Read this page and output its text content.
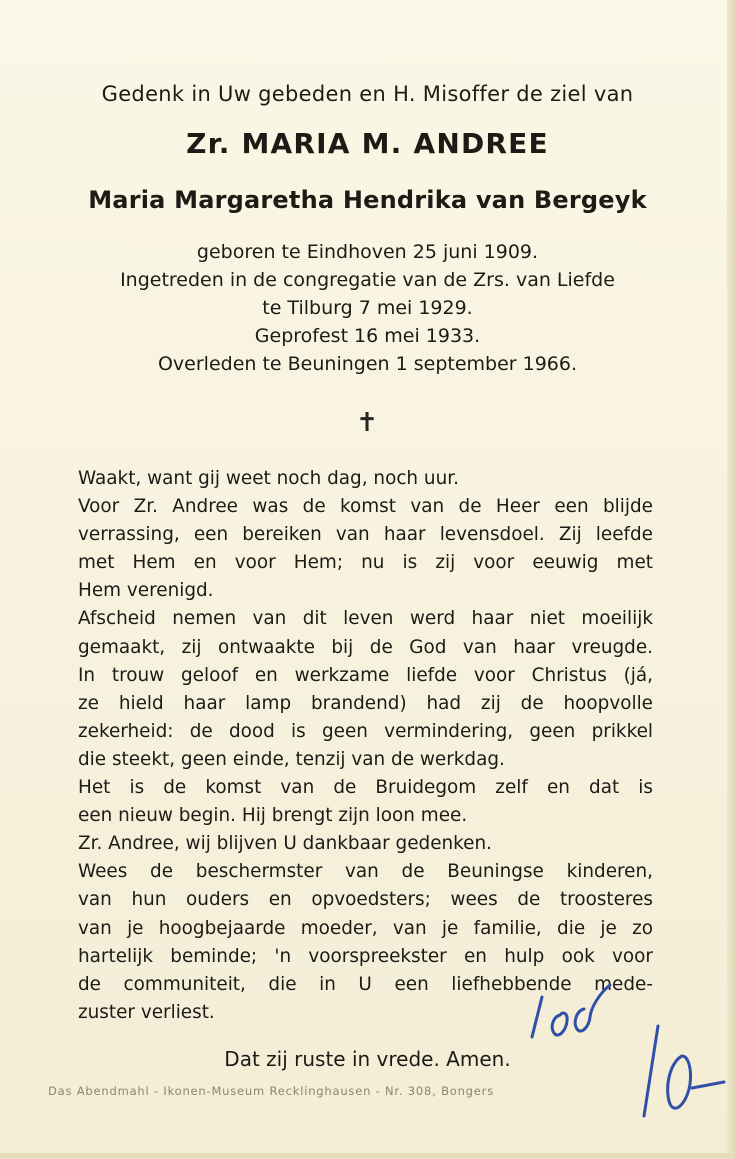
Gedenk in Uw gebeden en H. Misoffer de ziel van
Zr. MARIA M. ANDREE
Maria Margaretha Hendrika van Bergeyk
geboren te Eindhoven 25 juni 1909.
Ingetreden in de congregatie van de Zrs. van Liefde
te Tilburg 7 mei 1929.
Geprofest 16 mei 1933.
Overleden te Beuningen 1 september 1966.
✝
Waakt, want gij weet noch dag, noch uur.
Voor Zr. Andree was de komst van de Heer een blijde
verrassing, een bereiken van haar levensdoel. Zij leefde
met Hem en voor Hem; nu is zij voor eeuwig met
Hem verenigd.
Afscheid nemen van dit leven werd haar niet moeilijk
gemaakt, zij ontwaakte bij de God van haar vreugde.
In trouw geloof en werkzame liefde voor Christus (já,
ze hield haar lamp brandend) had zij de hoopvolle
zekerheid: de dood is geen vermindering, geen prikkel
die steekt, geen einde, tenzij van de werkdag.
Het is de komst van de Bruidegom zelf en dat is
een nieuw begin. Hij brengt zijn loon mee.
Zr. Andree, wij blijven U dankbaar gedenken.
Wees de beschermster van de Beuningse kinderen,
van hun ouders en opvoedsters; wees de troosteres
van je hoogbejaarde moeder, van je familie, die je zo
hartelijk beminde; 'n voorspreekster en hulp ook voor
de communiteit, die in U een liefhebbende mede-
zuster verliest.
Dat zij ruste in vrede. Amen.
Das Abendmahl - Ikonen-Museum Recklinghausen - Nr. 308, Bongers
